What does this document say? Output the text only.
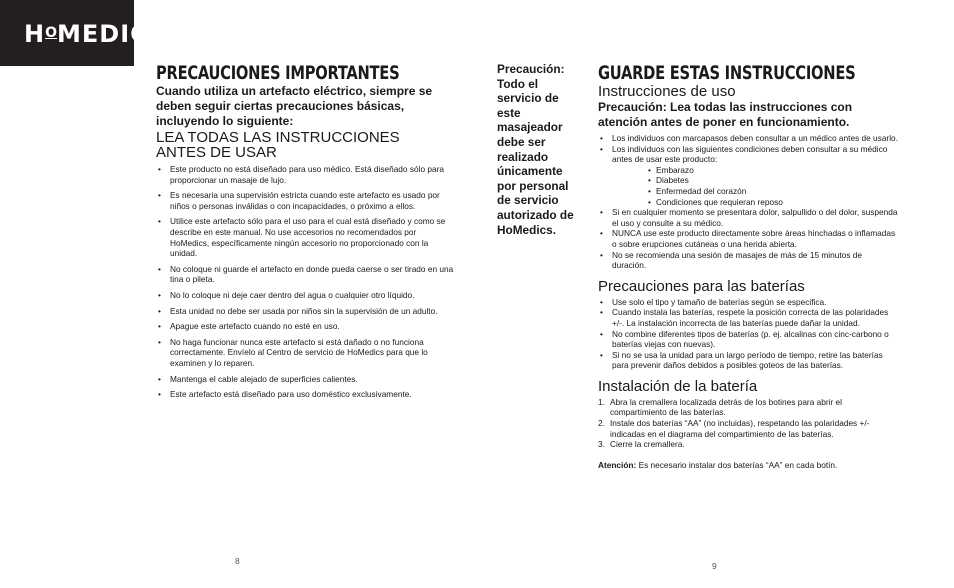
$H^OMEDICS$
PRECAUCIONES IMPORTANTES

Cuando utiliza un artefacto eléctrico, siempre se deben seguir ciertas precauciones básicas, incluyendo lo siguiente:

LEA TODAS LAS INSTRUCCIONES

ANTES DE USAR

• Este producto no está diseñado para uso médico. Está diseñado sólo para proporcionar un masaje de lujo.
• Es necesaria una supervisión estricta cuando este artefacto es usado por niños o personas inválidas o con incapacidades, o próximo a ellos.
• Utilice este artefacto sólo para el uso para el cual está diseñado y como se describe en este manual. No use accesorios no recomendados por HoMedics, específicamente ningún accesorio no proporcionado con la unidad.
• No coloque ni guarde el artefacto en donde pueda caerse o ser tirado en una tina o pileta.
• No lo coloque ni deje caer dentro del agua o cualquier otro líquido.
• Esta unidad no debe ser usada por niños sin la supervisión de un adulto.
• Apague este artefacto cuando no esté en uso.
• No haga funcionar nunca este artefacto si está dañado o no funciona correctamente. Envíelo al Centro de servicio de HoMedics para que lo examinen y lo reparen.
• Mantenga el cable alejado de superficies calientes.
• Este artefacto está diseñado para uso doméstico exclusivamente.
8

Precaución: Todo el servicio de este masajeador debe ser realizado únicamente por personal de servicio autorizado de HoMedics.

GUARDE ESTAS INSTRUCCIONES

Instrucciones de uso

Precaución: Lea todas las instrucciones con atención antes de poner en funcionamiento.

• Los individuos con marcapasos deben consultar a un médico antes de usarlo.
• Los individuos con las siguientes condiciones deben consultar a su médico antes de usar este producto:
• Embarazo
• Diabetes
• Enfermedad del corazón
• Condiciones que requieran reposo
• Si en cualquier momento se presentara dolor, salpullido o del dolor, suspenda el uso y consulte a su médico.
• NUNCA use este producto directamente sobre áreas hinchadas o inflamadas o sobre erupciones cutáneas o una herida abierta.
• No se recomienda una sesión de masajes de más de 15 minutos de duración.

Precauciones para las baterías

• Use solo el tipo y tamaño de baterías según se especifica.
• Cuando instala las baterías, respete la posición correcta de las polaridades +/-. La instalación incorrecta de las baterías puede dañar la unidad.
• No combine diferentes tipos de baterías (p. ej. alcalinas con cinc-carbono o baterías viejas con nuevas).
• Si no se usa la unidad para un largo período de tiempo, retire las baterías para prevenir daños debidos a posibles goteos de las baterías.

Instalación de la batería

1. Abra la cremallera localizada detrás de los botines para abrir el compartimiento de las baterías.
2. Instale dos baterías “AA” (no incluidas), respetando las polaridades +/- indicadas en el diagrama del compartimiento de las baterías.
3. Cierre la cremallera.

Atención: Es necesario instalar dos baterías “AA” en cada botín.

9
